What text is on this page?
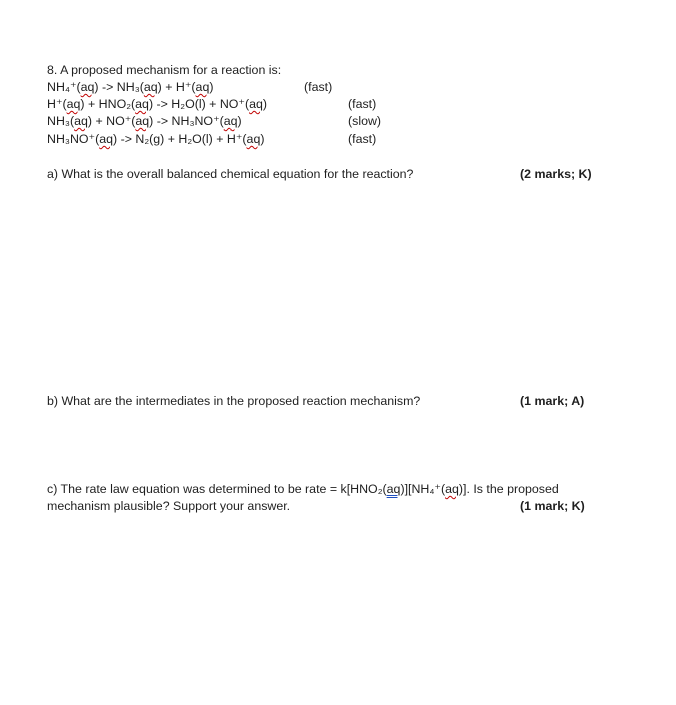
8. A proposed mechanism for a reaction is:
NH₄⁺(aq) -> NH₃(aq) + H⁺(aq)	(fast)
H⁺(aq) + HNO₂(aq) -> H₂O(l) + NO⁺(aq)	(fast)
NH₃(aq) + NO⁺(aq) -> NH₃NO⁺(aq)	(slow)
NH₃NO⁺(aq) -> N₂(g) + H₂O(l) + H⁺(aq)	(fast)
a) What is the overall balanced chemical equation for the reaction?	(2 marks; K)
b) What are the intermediates in the proposed reaction mechanism?	(1 mark; A)
c) The rate law equation was determined to be rate = k[HNO₂(aq)][NH₄⁺(aq)]. Is the proposed
mechanism plausible? Support your answer.	(1 mark; K)
